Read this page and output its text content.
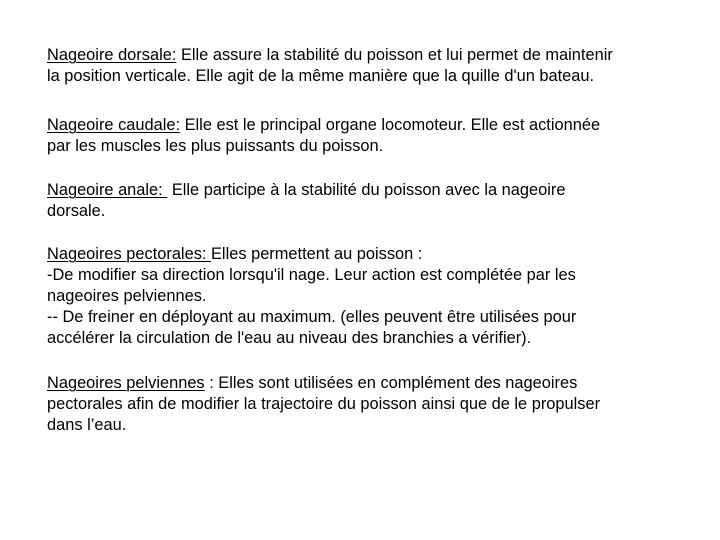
Nageoire dorsale: Elle assure la stabilité du poisson et lui permet de maintenir
la position verticale. Elle agit de la même manière que la quille d'un bateau.

Nageoire caudale: Elle est le principal organe locomoteur. Elle est actionnée
par les muscles les plus puissants du poisson.

Nageoire anale:  Elle participe à la stabilité du poisson avec la nageoire
dorsale.

Nageoires pectorales: Elles permettent au poisson :
-De modifier sa direction lorsqu'il nage. Leur action est complétée par les
nageoires pelviennes.
-- De freiner en déployant au maximum. (elles peuvent être utilisées pour
accélérer la circulation de l'eau au niveau des branchies a vérifier).

Nageoires pelviennes : Elles sont utilisées en complément des nageoires
pectorales afin de modifier la trajectoire du poisson ainsi que de le propulser
dans l’eau.
